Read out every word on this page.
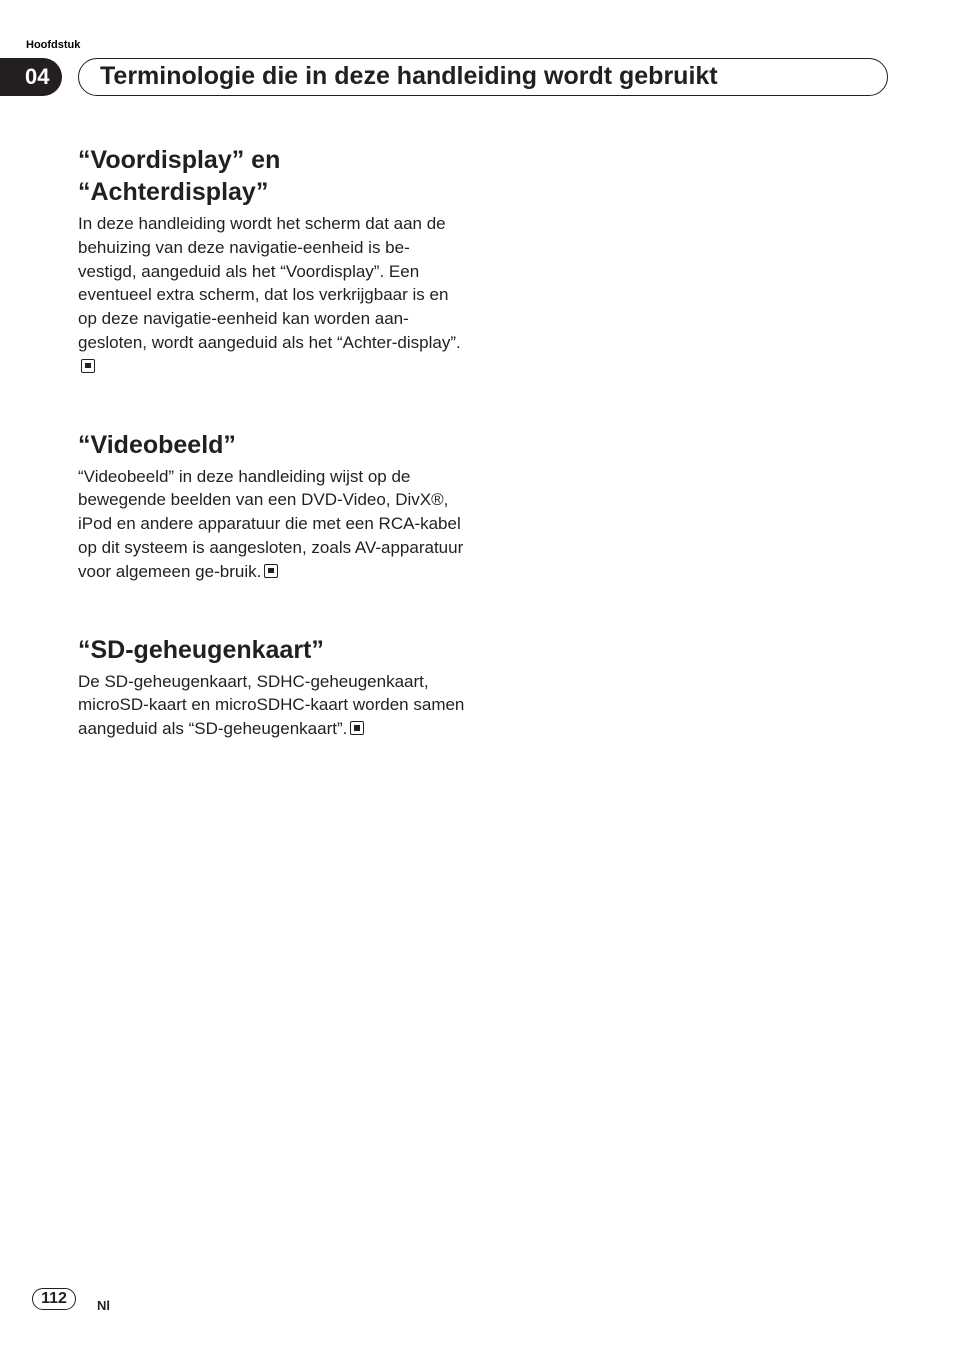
Hoofdstuk
04	Terminologie die in deze handleiding wordt gebruikt
“Voordisplay” en
“Achterdisplay”

In deze handleiding wordt het scherm dat aan de behuizing van deze navigatie-eenheid is be-vestigd, aangeduid als het “Voordisplay”. Een eventueel extra scherm, dat los verkrijgbaar is en op deze navigatie-eenheid kan worden aan-gesloten, wordt aangeduid als het “Achter-display”.

“Videobeeld”

“Videobeeld” in deze handleiding wijst op de bewegende beelden van een DVD-Video, DivX®, iPod en andere apparatuur die met een RCA-kabel op dit systeem is aangesloten, zoals AV-apparatuur voor algemeen ge-bruik.

“SD-geheugenkaart”

De SD-geheugenkaart, SDHC-geheugenkaart, microSD-kaart en microSDHC-kaart worden samen aangeduid als “SD-geheugenkaart”.

112	Nl
